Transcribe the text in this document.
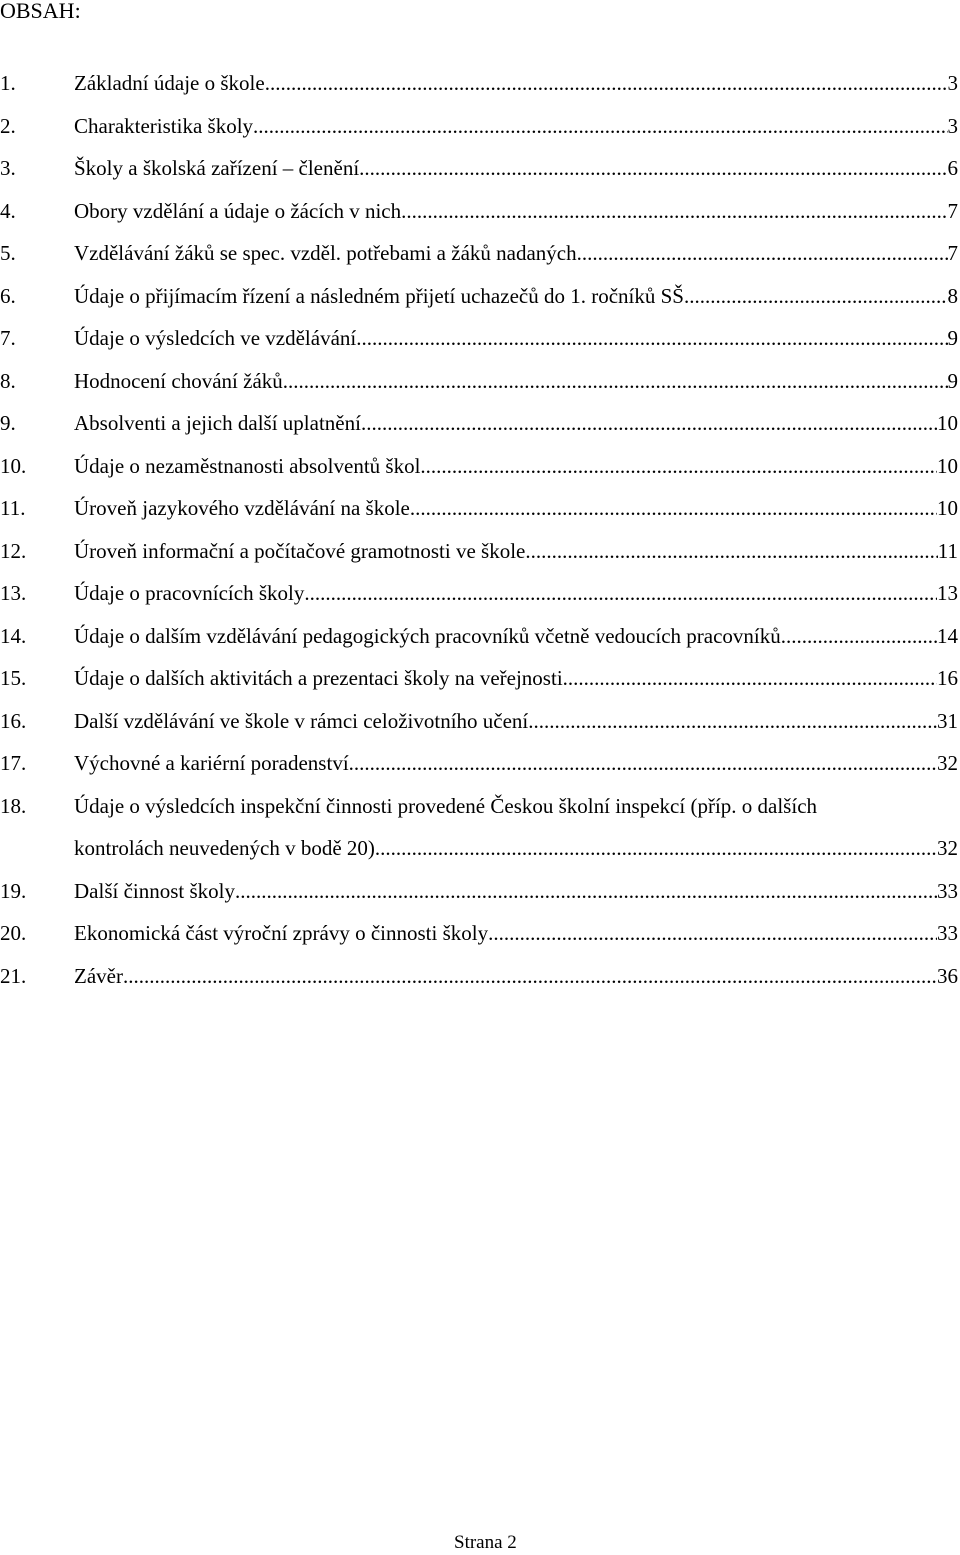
OBSAH:
1.	Základní údaje o škole .....	3
2.	Charakteristika školy .....	3
3.	Školy a školská zařízení – členění .....	6
4.	Obory vzdělání a údaje o žácích v nich .....	7
5.	Vzdělávání žáků se spec. vzděl. potřebami a žáků nadaných .....	7
6.	Údaje o přijímacím řízení a následném přijetí uchazečů do 1. ročníků SŠ .....	8
7.	Údaje o výsledcích ve vzdělávání .....	9
8.	Hodnocení chování žáků .....	9
9.	Absolventi a jejich další uplatnění .....	10
10.	Údaje o nezaměstnanosti absolventů škol .....	10
11.	Úroveň jazykového vzdělávání na škole .....	10
12.	Úroveň informační a počítačové gramotnosti ve škole .....	11
13.	Údaje o pracovnících školy .....	13
14.	Údaje o dalším vzdělávání pedagogických pracovníků včetně vedoucích pracovníků .....	14
15.	Údaje o dalších aktivitách a prezentaci školy na veřejnosti .....	16
16.	Další vzdělávání ve škole v rámci celoživotního učení .....	31
17.	Výchovné a kariérní poradenství .....	32
18.	Údaje o výsledcích inspekční činnosti provedené Českou školní inspekcí (příp. o dalších
kontrolách neuvedených v bodě 20) .....	32
19.	Další činnost školy .....	33
20.	Ekonomická část výroční zprávy o činnosti školy .....	33
21.	Závěr .....	36
Strana 2
